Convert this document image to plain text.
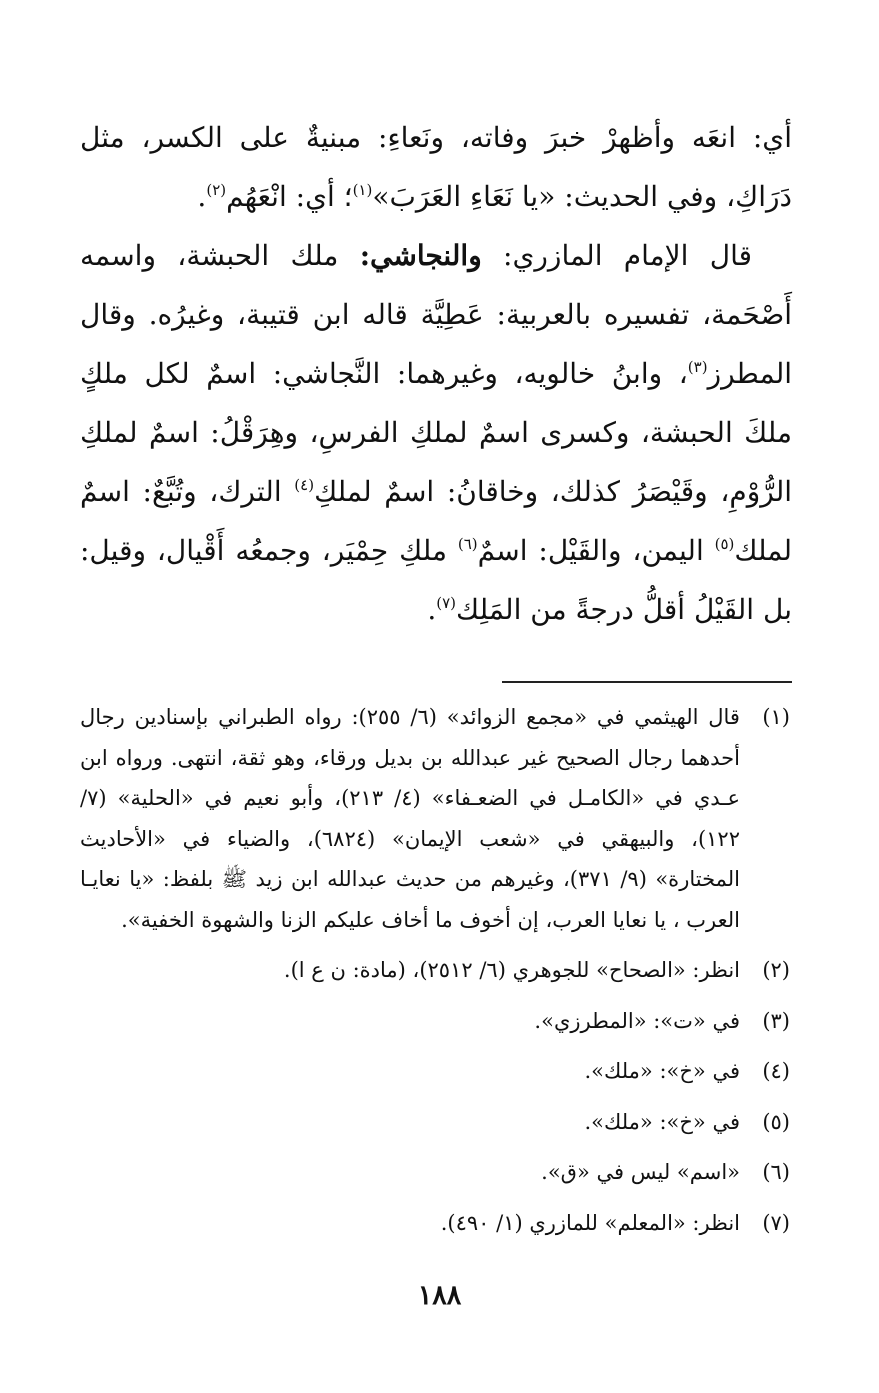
أي: انعَه وأظهرْ خبرَ وفاته، ونَعاءِ: مبنيةٌ على الكسر، مثل دَرَاكِ، وفي الحديث: «يا نَعَاءِ العَرَبَ»$^{(١)}$؛ أي: انْعَهُم$^{(٢)}$.

قال الإمام المازري: والنجاشي: ملك الحبشة، واسمه أَصْحَمة، تفسيره بالعربية: عَطِيَّة قاله ابن قتيبة، وغيرُه. وقال المطرز$^{(٣)}$، وابنُ خالويه، وغيرهما: النَّجاشي: اسمٌ لكل ملكٍ ملكَ الحبشة، وكسرى اسمٌ لملكِ الفرسِ، وهِرَقْلُ: اسمٌ لملكِ الرُّوْمِ، وقَيْصَرُ كذلك، وخاقانُ: اسمٌ لملكِ$^{(٤)}$ الترك، وتُبَّعٌ: اسمٌ لملك$^{(٥)}$ اليمن، والقَيْل: اسمٌ$^{(٦)}$ ملكِ حِمْيَر، وجمعُه أَقْيال، وقيل: بل القَيْلُ أقلُّ درجةً من المَلِك$^{(٧)}$.

(١)
قال الهيثمي في «مجمع الزوائد» (٦/ ٢٥٥): رواه الطبراني بإسنادين رجال أحدهما رجال الصحيح غير عبدالله بن بديل ورقاء، وهو ثقة، انتهى. ورواه ابن عـدي في «الكامـل في الضعـفاء» (٤/ ٢١٣)، وأبو نعيم في «الحلية» (٧/ ١٢٢)، والبيهقي في «شعب الإيمان» (٦٨٢٤)، والضياء في «الأحاديث المختارة» (٩/ ٣٧١)، وغيرهم من حديث عبدالله ابن زيد ﷺ بلفظ: «يا نعايـا العرب ، يا نعايا العرب، إن أخوف ما أخاف عليكم الزنا والشهوة الخفية».
(٢)
انظر: «الصحاح» للجوهري (٦/ ٢٥١٢)، (مادة: ن ع ا).
(٣)
في «ت»: «المطرزي».
(٤)
في «خ»: «ملك».
(٥)
في «خ»: «ملك».
(٦)
«اسم» ليس في «ق».
(٧)
انظر: «المعلم» للمازري (١/ ٤٩٠).
١٨٨
